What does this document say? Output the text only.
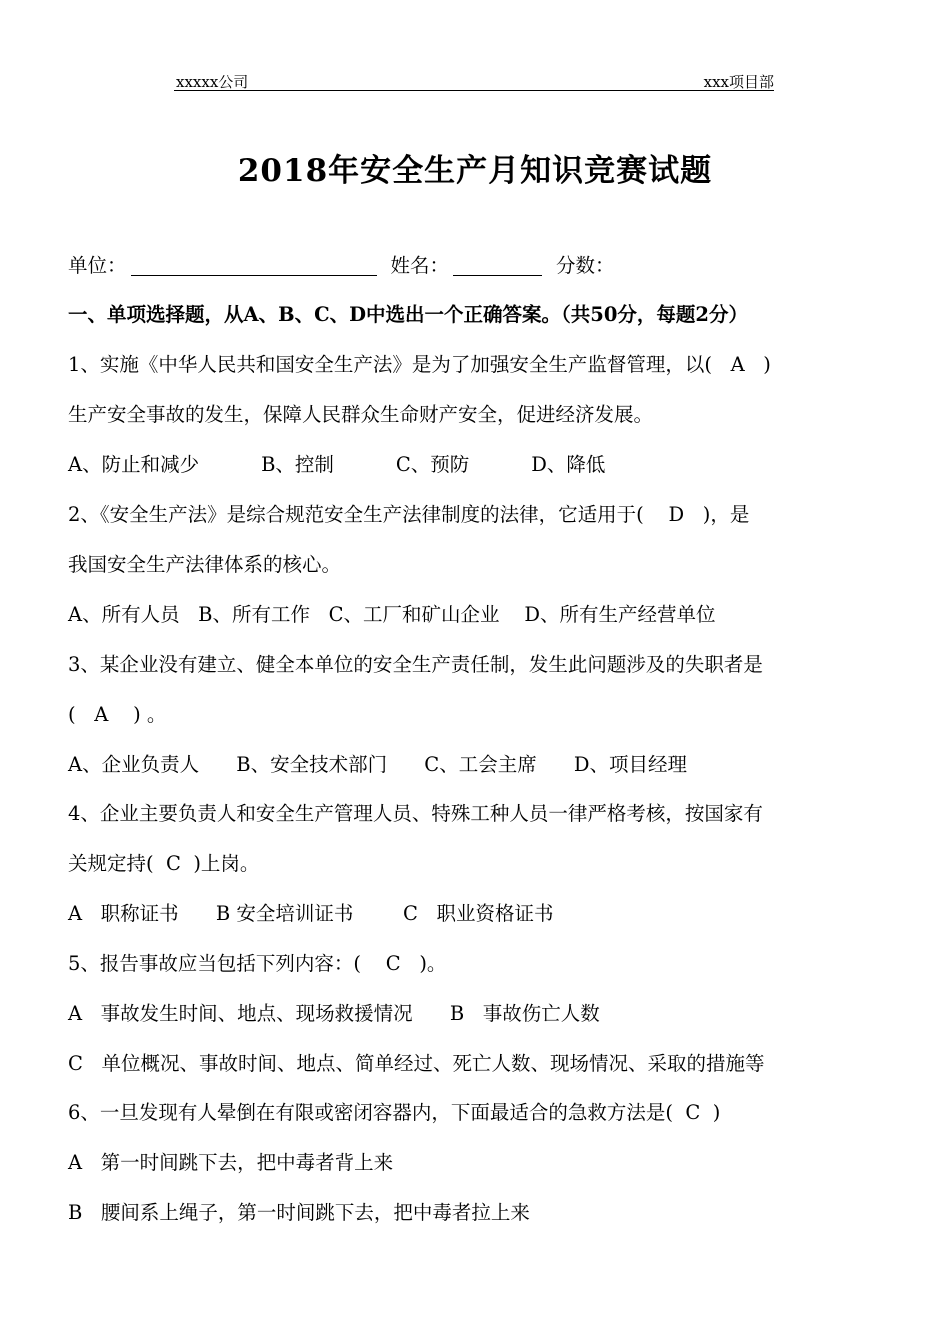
xxxxx公司	xxx项目部
2018年安全生产月知识竞赛试题
单位：	姓名：	分数：
一、单项选择题，从A、B、C、D中选出一个正确答案。（共50分，每题2分）
1、实施《中华人民共和国安全生产法》是为了加强安全生产监督管理，以(   A   )
生产安全事故的发生，保障人民群众生命财产安全，促进经济发展。
A、防止和减少          B、控制          C、预防          D、降低
2、《安全生产法》是综合规范安全生产法律制度的法律，它适用于(    D   )，是
我国安全生产法律体系的核心。
A、所有人员   B、所有工作   C、工厂和矿山企业    D、所有生产经营单位
3、某企业没有建立、健全本单位的安全生产责任制，发生此问题涉及的失职者是
(   A    ) 。
A、企业负责人      B、安全技术部门      C、工会主席      D、项目经理
4、企业主要负责人和安全生产管理人员、特殊工种人员一律严格考核，按国家有
关规定持(  C  )上岗。
A   职称证书      B 安全培训证书        C   职业资格证书
5、报告事故应当包括下列内容：(    C   )。
A   事故发生时间、地点、现场救援情况      B   事故伤亡人数
C   单位概况、事故时间、地点、简单经过、死亡人数、现场情况、采取的措施等
6、一旦发现有人晕倒在有限或密闭容器内，下面最适合的急救方法是(  C  )
A   第一时间跳下去，把中毒者背上来
B   腰间系上绳子，第一时间跳下去，把中毒者拉上来
